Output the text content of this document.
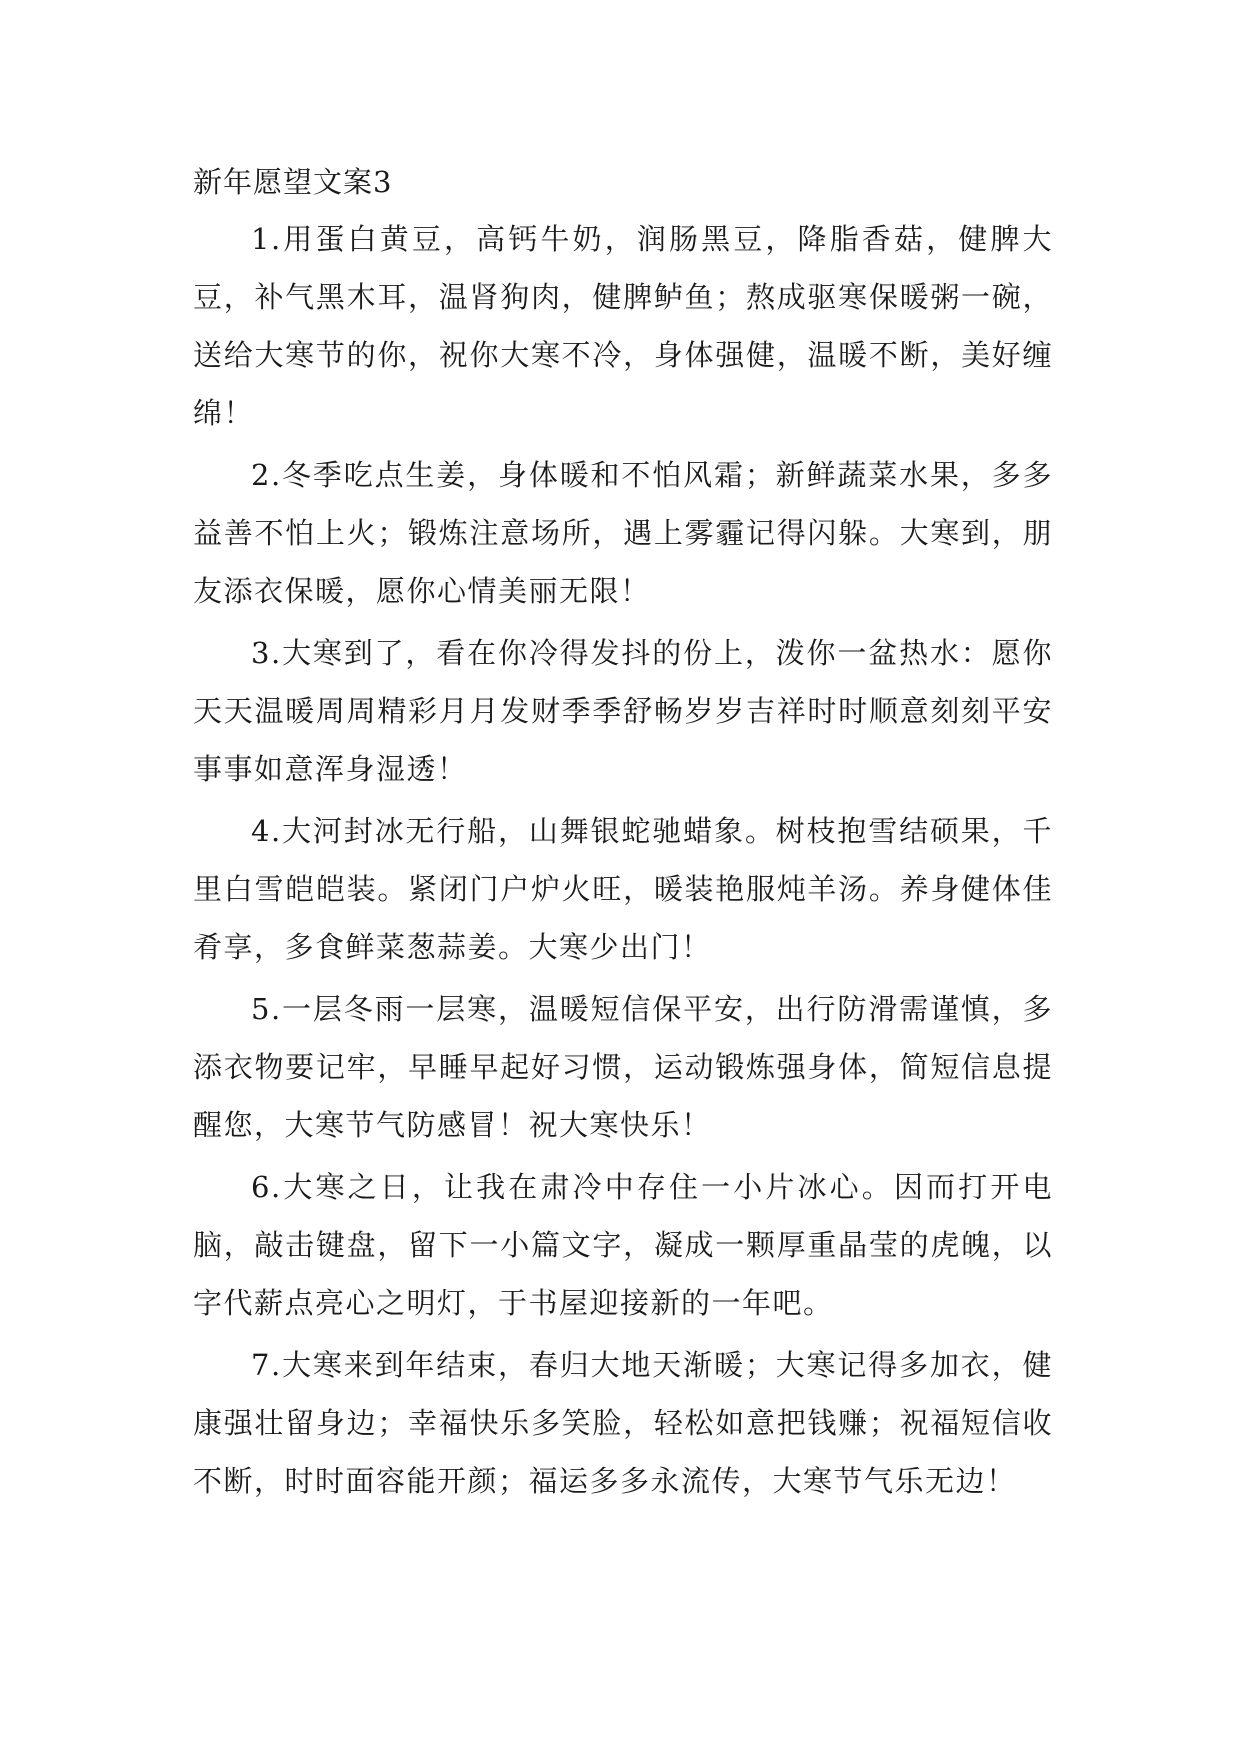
新年愿望文案3

1.用蛋白黄豆，高钙牛奶，润肠黑豆，降脂香菇，健脾大豆，补气黑木耳，温肾狗肉，健脾鲈鱼；熬成驱寒保暖粥一碗，送给大寒节的你，祝你大寒不冷，身体强健，温暖不断，美好缠绵！

2.冬季吃点生姜，身体暖和不怕风霜；新鲜蔬菜水果，多多益善不怕上火；锻炼注意场所，遇上雾霾记得闪躲。大寒到，朋友添衣保暖，愿你心情美丽无限！

3.大寒到了，看在你冷得发抖的份上，泼你一盆热水：愿你天天温暖周周精彩月月发财季季舒畅岁岁吉祥时时顺意刻刻平安事事如意浑身湿透！

4.大河封冰无行船，山舞银蛇驰蜡象。树枝抱雪结硕果，千里白雪皑皑装。紧闭门户炉火旺，暖装艳服炖羊汤。养身健体佳肴享，多食鲜菜葱蒜姜。大寒少出门！

5.一层冬雨一层寒，温暖短信保平安，出行防滑需谨慎，多添衣物要记牢，早睡早起好习惯，运动锻炼强身体，简短信息提醒您，大寒节气防感冒！祝大寒快乐！

6.大寒之日，让我在肃冷中存住一小片冰心。因而打开电脑，敲击键盘，留下一小篇文字，凝成一颗厚重晶莹的虎魄，以字代薪点亮心之明灯，于书屋迎接新的一年吧。

7.大寒来到年结束，春归大地天渐暖；大寒记得多加衣，健康强壮留身边；幸福快乐多笑脸，轻松如意把钱赚；祝福短信收不断，时时面容能开颜；福运多多永流传，大寒节气乐无边！
